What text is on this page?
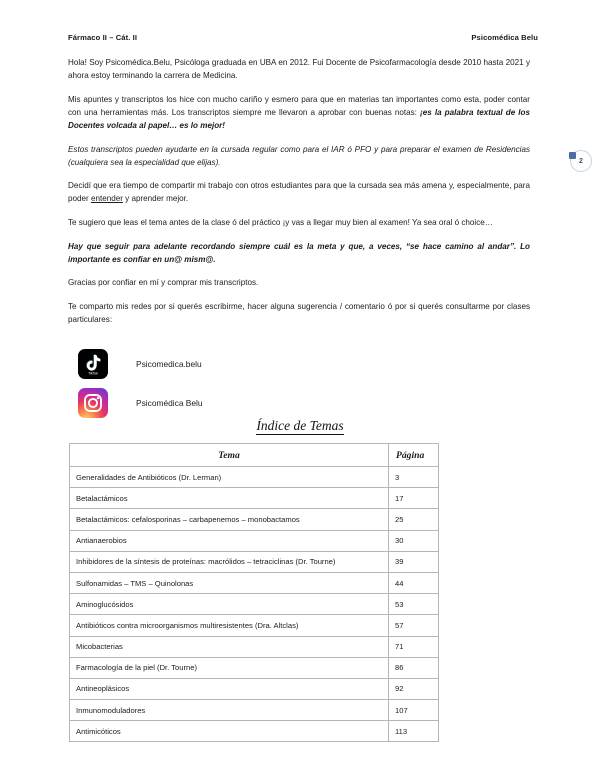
Fármaco II – Cát. II	Psicomédica Belu

Hola! Soy Psicomédica.Belu, Psicóloga graduada en UBA en 2012. Fui Docente de Psicofarmacología desde 2010 hasta 2021 y ahora estoy terminando la carrera de Medicina.

Mis apuntes y transcriptos los hice con mucho cariño y esmero para que en materias tan importantes como esta, poder contar con una herramientas más. Los transcriptos siempre me llevaron a aprobar con buenas notas: ¡es la palabra textual de los Docentes volcada al papel… es lo mejor!

Estos transcriptos pueden ayudarte en la cursada regular como para el IAR ó PFO y para preparar el examen de Residencias (cualquiera sea la especialidad que elijas).

Decidí que era tiempo de compartir mi trabajo con otros estudiantes para que la cursada sea más amena y, especialmente, para poder entender y aprender mejor.

Te sugiero que leas el tema antes de la clase ó del práctico ¡y vas a llegar muy bien al examen! Ya sea oral ó choice…

Hay que seguir para adelante recordando siempre cuál es la meta y que, a veces, “se hace camino al andar”. Lo importante es confiar en un@ mism@.

Gracias por confiar en mí y comprar mis transcriptos.

Te comparto mis redes por si querés escribirme, hacer alguna sugerencia / comentario ó por si querés consultarme por clases particulares:

2
TikTok
Psicomedica.belu
Psicomédica Belu
Índice de Temas
Tema	Página
Generalidades de Antibióticos (Dr. Lerman)	3
Betalactámicos	17
Betalactámicos: cefalosporinas – carbapenemos – monobactamos	25
Antianaerobios	30
Inhibidores de la síntesis de proteínas: macrólidos – tetraciclinas (Dr. Tourne)	39
Sulfonamidas – TMS – Quinolonas	44
Aminoglucósidos	53
Antibióticos contra microorganismos multiresistentes (Dra. Altclas)	57
Micobacterias	71
Farmacología de la piel (Dr. Tourne)	86
Antineoplásicos	92
Inmunomoduladores	107
Antimicóticos	113
